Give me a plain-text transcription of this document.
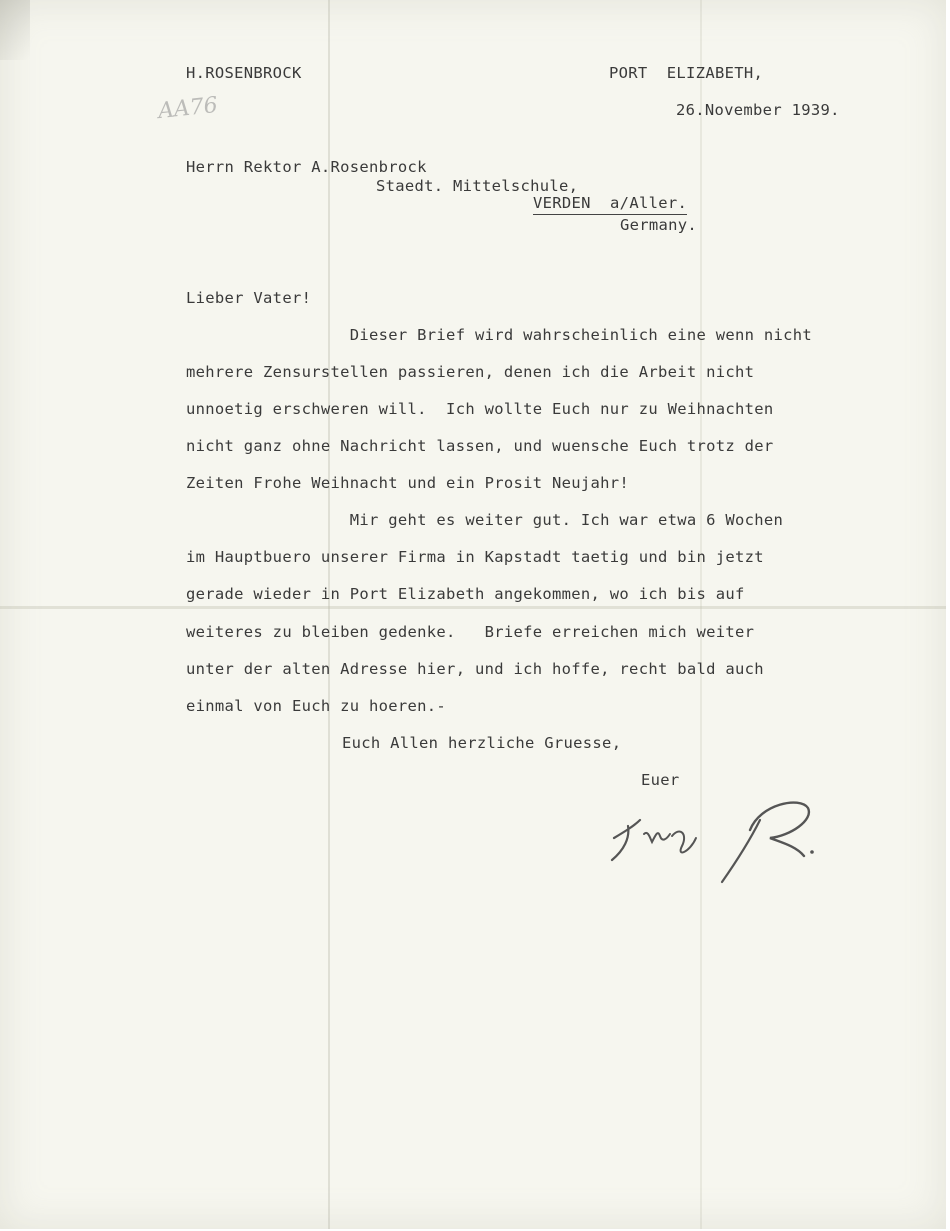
H.ROSENBROCK	PORT  ELIZABETH,
26.November 1939.
AA76
Herrn Rektor A.Rosenbrock
Staedt. Mittelschule,
VERDEN  a/Aller.
Germany.
Lieber Vater!
Dieser Brief wird wahrscheinlich eine wenn nicht
mehrere Zensurstellen passieren, denen ich die Arbeit nicht
unnoetig erschweren will.  Ich wollte Euch nur zu Weihnachten
nicht ganz ohne Nachricht lassen, und wuensche Euch trotz der
Zeiten Frohe Weihnacht und ein Prosit Neujahr!
Mir geht es weiter gut. Ich war etwa 6 Wochen
im Hauptbuero unserer Firma in Kapstadt taetig und bin jetzt
gerade wieder in Port Elizabeth angekommen, wo ich bis auf
weiteres zu bleiben gedenke.   Briefe erreichen mich weiter
unter der alten Adresse hier, und ich hoffe, recht bald auch
einmal von Euch zu hoeren.-
Euch Allen herzliche Gruesse,
Euer
